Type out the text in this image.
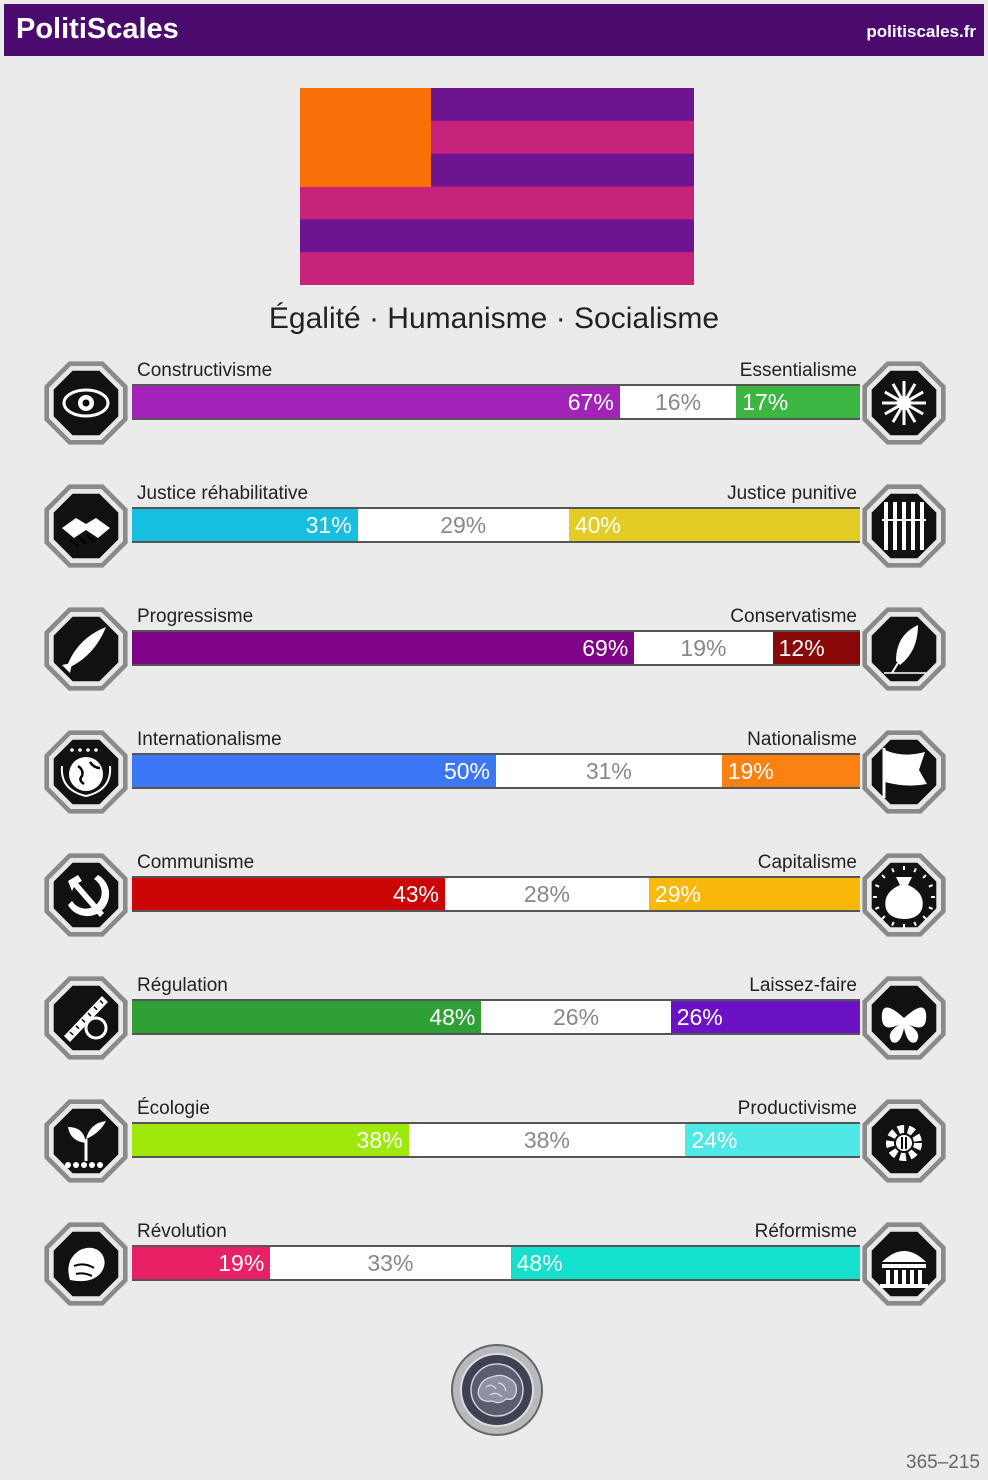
PolitiScales	politiscales.fr
Égalité · Humanisme · Socialisme
Constructivisme	Essentialisme
67%	16%	17%
Justice réhabilitative	Justice punitive
31%	29%	40%
Progressisme	Conservatisme
69%	19%	12%
Internationalisme	Nationalisme
50%	31%	19%
Communisme	Capitalisme
43%	28%	29%
Régulation	Laissez-faire
48%	26%	26%
Écologie	Productivisme
38%	38%	24%
Révolution	Réformisme
19%	33%	48%
365–215
